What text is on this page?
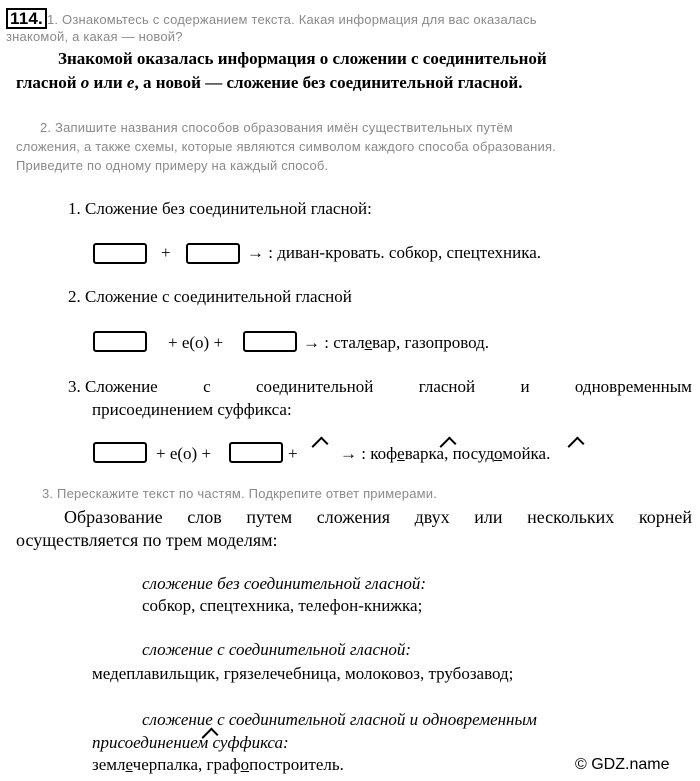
114. 1. Ознакомьтесь с содержанием текста. Какая информация для вас оказалась
знакомой, а какая — новой?
Знакомой оказалась информация о сложении с соединительной
гласной о или е, а новой — сложение без соединительной гласной.
2. Запишите названия способов образования имён существительных путём
сложения, а также схемы, которые являются символом каждого способа образования.
Приведите по одному примеру на каждый способ.
1. Сложение без соединительной гласной:
+	→ : диван-кровать. собкор, спецтехника.
2. Сложение с соединительной гласной
+ е(о) +	→ : сталевар, газопровод.
3. Сложение	с	соединительной	гласной	и	одновременным
присоединением суффикса:
+ е(о) +	+ → : кофеварка, посудомойка.
3. Перескажите текст по частям. Подкрепите ответ примерами.
Образование слов путем сложения двух или нескольких корней
осуществляется по трем моделям:
сложение без соединительной гласной:
собкор, спецтехника, телефон-книжка;
сложение с соединительной гласной:
медеплавильщик, грязелечебница, молоковоз, трубозавод;
сложение с соединительной гласной и одновременным
присоединением суффикса:
землечерпалка, графопостроитель.	© GDZ.name
